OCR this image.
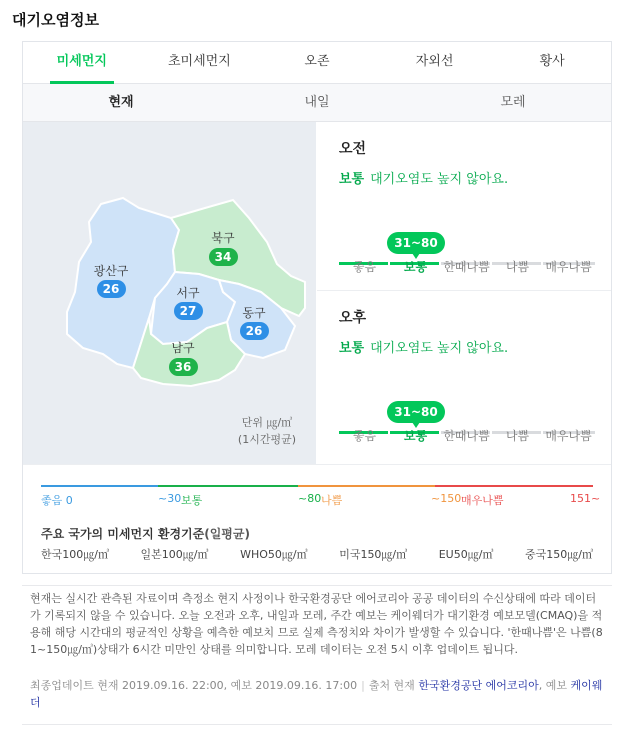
대기오염정보
미세먼지	초미세먼지	오존	자외선	황사
현재	내일	모레
광산구
26
북구
34
서구
27	동구
26
남구
36
단위 ㎍/㎥
(1시간평균)
오전
보통 대기오염도 높지 않아요.
31~80
좋음	보통	한때나쁨	나쁨	매우나쁨
오후
보통 대기오염도 높지 않아요.
31~80
좋음	보통	한때나쁨	나쁨	매우나쁨
좋음 0	~30 보통	~80 나쁨	~150 매우나쁨	151~
주요 국가의 미세먼지 환경기준(일평균)
한국100㎍/㎥	일본100㎍/㎥	WHO50㎍/㎥	미국150㎍/㎥	EU50㎍/㎥	중국150㎍/㎥

현재는 실시간 관측된 자료이며 측정소 현지 사정이나 한국환경공단 에어코리아 공공 데이터의 수신상태에 따라 데이터가 기록되지 않을 수 있습니다. 오늘 오전과 오후, 내일과 모레, 주간 예보는 케이웨더가 대기환경 예보모델(CMAQ)을 적용해 해당 시간대의 평균적인 상황을 예측한 예보치 므로 실제 측정치와 차이가 발생할 수 있습니다. '한때나쁨'은 나쁨(81~150㎍/㎥)상태가 6시간 미만인 상태를 의미합니다. 모레 데이터는 오전 5시 이후 업데이트 됩니다.

최종업데이트 현재 2019.09.16. 22:00, 예보 2019.09.16. 17:00 | 출처 현재 한국환경공단 에어코리아, 예보 케이웨더
